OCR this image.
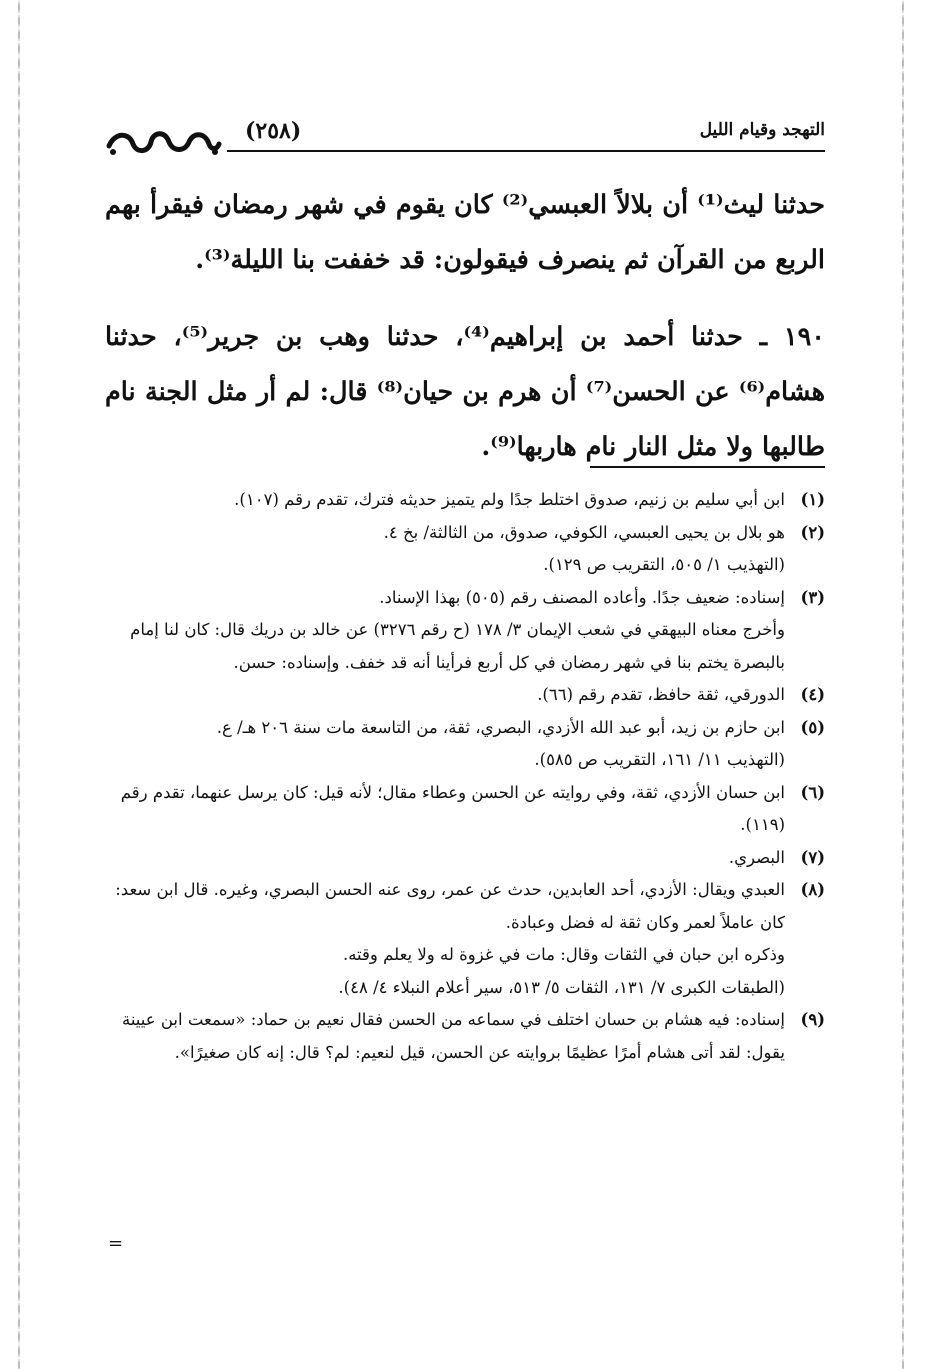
التهجد وقيام الليل
(٢٥٨)

حدثنا ليث⁽¹⁾ أن بلالاً العبسي⁽²⁾ كان يقوم في شهر رمضان فيقرأ بهم الربع من القرآن ثم ينصرف فيقولون: قد خففت بنا الليلة⁽³⁾.

١٩٠ ـ حدثنا أحمد بن إبراهيم⁽⁴⁾، حدثنا وهب بن جرير⁽⁵⁾، حدثنا هشام⁽⁶⁾ عن الحسن⁽⁷⁾ أن هرم بن حيان⁽⁸⁾ قال: لم أر مثل الجنة نام طالبها ولا مثل النار نام هاربها⁽⁹⁾.

(١)
ابن أبي سليم بن زنيم، صدوق اختلط جدًا ولم يتميز حديثه فترك، تقدم رقم (١٠٧).
(٢)
هو بلال بن يحيى العبسي، الكوفي، صدوق، من الثالثة/ بخ ٤.
(التهذيب ١/ ٥٠٥، التقريب ص ١٢٩).
(٣)
إسناده: ضعيف جدًا. وأعاده المصنف رقم (٥٠٥) بهذا الإسناد.
وأخرج معناه البيهقي في شعب الإيمان ٣/ ١٧٨ (ح رقم ٣٢٧٦) عن خالد بن دريك قال: كان لنا إمام بالبصرة يختم بنا في شهر رمضان في كل أربع فرأينا أنه قد خفف. وإسناده: حسن.
(٤)
الدورقي، ثقة حافظ، تقدم رقم (٦٦).
(٥)
ابن حازم بن زيد، أبو عبد الله الأزدي، البصري، ثقة، من التاسعة مات سنة ٢٠٦ هـ/ ع.
(التهذيب ١١/ ١٦١، التقريب ص ٥٨٥).
(٦)
ابن حسان الأزدي، ثقة، وفي روايته عن الحسن وعطاء مقال؛ لأنه قيل: كان يرسل عنهما، تقدم رقم (١١٩).
(٧)
البصري.
(٨)
العبدي ويقال: الأزدي، أحد العابدين، حدث عن عمر، روى عنه الحسن البصري، وغيره. قال ابن سعد: كان عاملاً لعمر وكان ثقة له فضل وعبادة.
وذكره ابن حبان في الثقات وقال: مات في غزوة له ولا يعلم وقته.
(الطبقات الكبرى ٧/ ١٣١، الثقات ٥/ ٥١٣، سير أعلام النبلاء ٤/ ٤٨).
(٩)
إسناده: فيه هشام بن حسان اختلف في سماعه من الحسن فقال نعيم بن حماد: «سمعت ابن عيينة يقول: لقد أتى هشام أمرًا عظيمًا بروايته عن الحسن، قيل لنعيم: لم؟ قال: إنه كان صغيرًا».
=
